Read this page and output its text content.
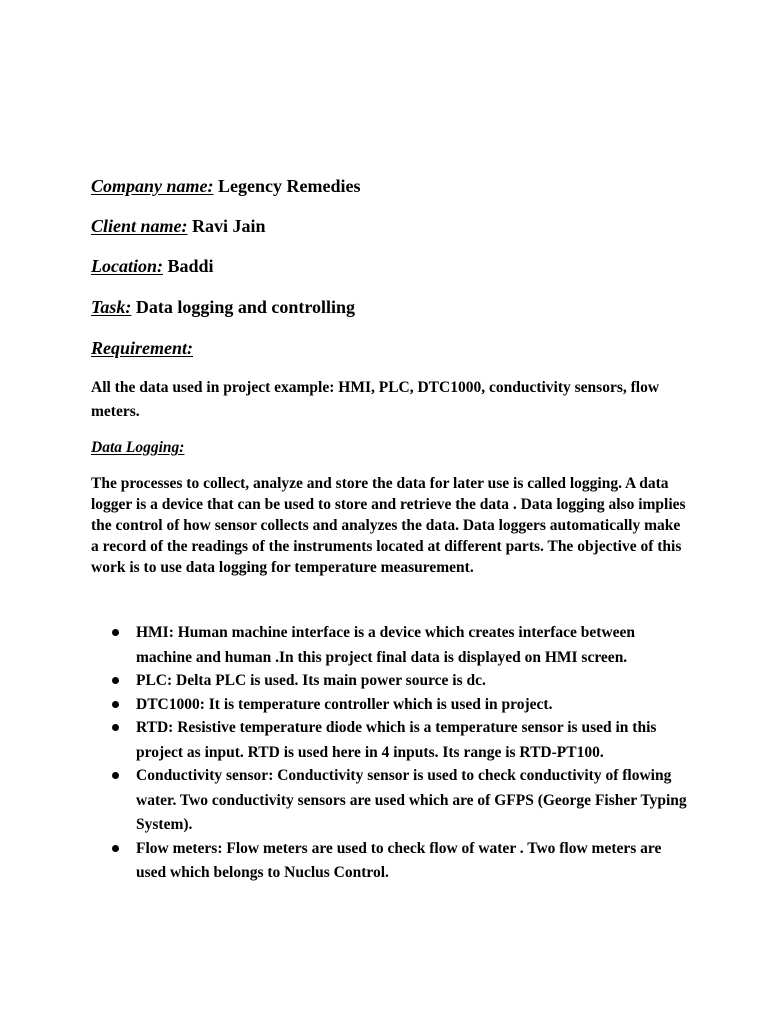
Company name: Legency Remedies
Client name: Ravi Jain
Location: Baddi
Task: Data logging and controlling
Requirement:
All the data used in project example: HMI, PLC, DTC1000, conductivity sensors, flow meters.
Data Logging:
The processes to collect, analyze and store the data for later use is called logging. A data logger is a device that can be used to store and retrieve the data . Data logging also implies the control of how sensor collects and analyzes the data. Data loggers automatically make a record of the readings of the instruments located at different parts. The objective of this work is to use data logging for temperature measurement.
HMI: Human machine interface is a device which creates interface between machine and human .In this project final data is displayed on HMI screen.
PLC: Delta PLC is used. Its main power source is dc.
DTC1000: It is temperature controller which is used in project.
RTD: Resistive temperature diode which is a temperature sensor is used in this project as input. RTD is used here in 4 inputs. Its range is RTD-PT100.
Conductivity sensor: Conductivity sensor is used to check conductivity of flowing water. Two conductivity sensors are used which are of GFPS (George Fisher Typing System).
Flow meters: Flow meters are used to check flow of water . Two flow meters are used which belongs to Nuclus Control.
